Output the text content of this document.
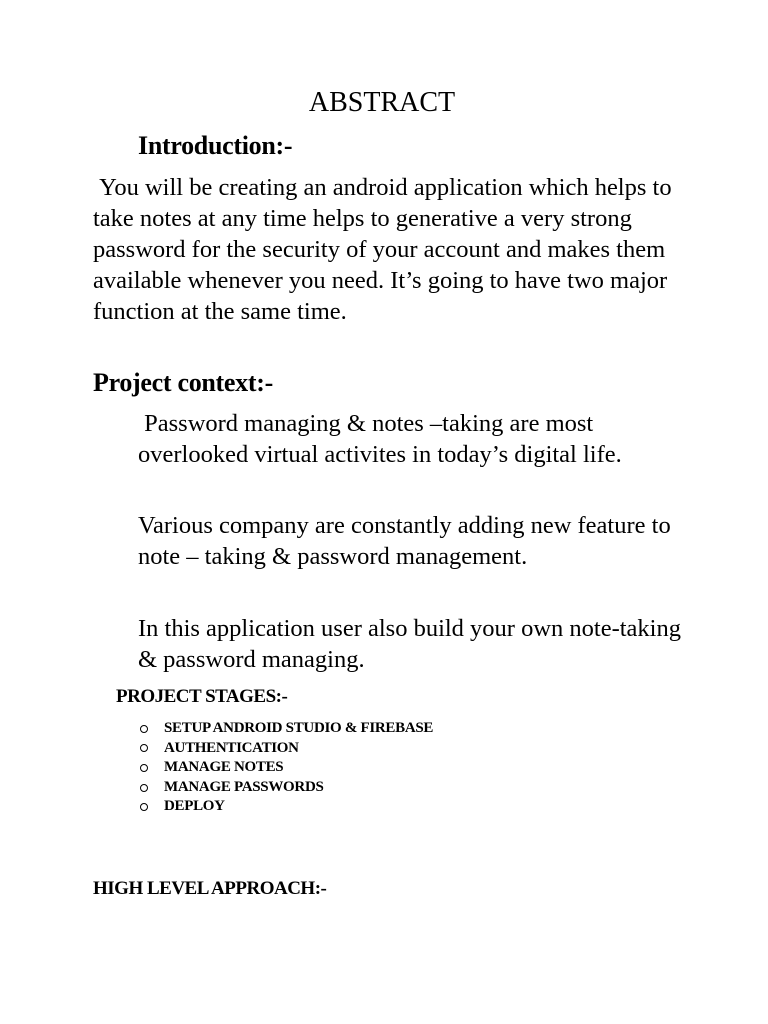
ABSTRACT
Introduction:-

You will be creating an android application which helps to take notes at any time helps to generative a very strong password for the security of your account and makes them available whenever you need. It’s going to have two major function at the same time.

Project context:-

Password managing & notes –taking are most overlooked virtual activites in today’s digital life.

Various company are constantly adding new feature to note – taking & password management.

In this application user also build your own note-taking & password managing.

PROJECT STAGES:-
SETUP ANDROID STUDIO & FIREBASE
AUTHENTICATION
MANAGE NOTES
MANAGE PASSWORDS
DEPLOY
HIGH LEVEL APPROACH:-
